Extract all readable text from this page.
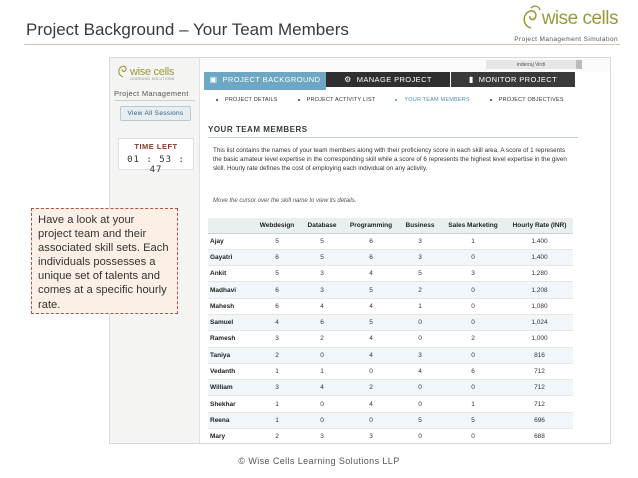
Project Background – Your Team Members
wise cells
Project Management Simulation
wise cells
LEARNING SOLUTIONS
Project Management
View All Sessions
TIME LEFT
01 : 53 : 47
inderraj Virdi
▣ PROJECT BACKGROUND	⚙ MANAGE PROJECT	▮ MONITOR PROJECT
PROJECT DETAILS	PROJECT ACTIVITY LIST	YOUR TEAM MEMBERS	PROJECT OBJECTIVES
YOUR TEAM MEMBERS
This list contains the names of your team members along with their proficiency score in each skill area. A score of 1 represents the basic amateur level expertise in the corresponding skill while a score of 6 represents the highest level expertise in the given skill. Hourly rate defines the cost of employing each individual on any activity.
Move the cursor over the skill name to view its details.
	Webdesign	Database	Programming	Business	Sales Marketing	Hourly Rate (INR)
Ajay	5	5	6	3	1	1,400
Gayatri	6	5	6	3	0	1,400
Ankit	5	3	4	5	3	1,280
Madhavi	6	3	5	2	0	1,208
Mahesh	6	4	4	1	0	1,080
Samuel	4	6	5	0	0	1,024
Ramesh	3	2	4	0	2	1,000
Taniya	2	0	4	3	0	816
Vedanth	1	1	0	4	6	712
William	3	4	2	0	0	712
Shekhar	1	0	4	0	1	712
Reena	1	0	0	5	5	696
Mary	2	3	3	0	0	688
Have a look at your project team and their associated skill sets. Each individuals possesses a unique set of talents and comes at a specific hourly rate.
© Wise Cells Learning Solutions LLP
